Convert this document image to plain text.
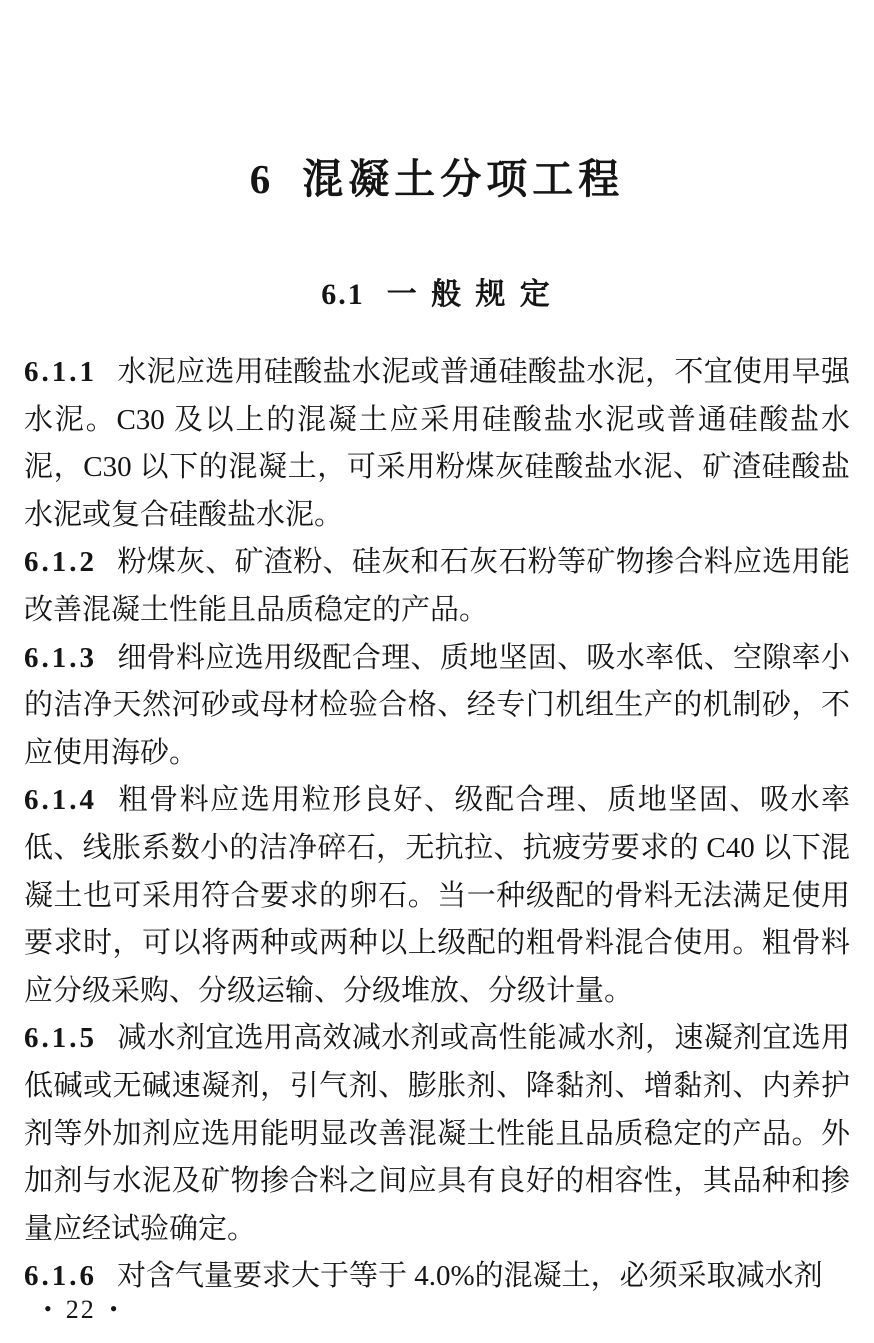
6 混凝土分项工程
6.1 一 般 规 定

6.1.1 水泥应选用硅酸盐水泥或普通硅酸盐水泥，不宜使用早强水泥。C30 及以上的混凝土应采用硅酸盐水泥或普通硅酸盐水泥，C30 以下的混凝土，可采用粉煤灰硅酸盐水泥、矿渣硅酸盐水泥或复合硅酸盐水泥。

6.1.2 粉煤灰、矿渣粉、硅灰和石灰石粉等矿物掺合料应选用能改善混凝土性能且品质稳定的产品。

6.1.3 细骨料应选用级配合理、质地坚固、吸水率低、空隙率小的洁净天然河砂或母材检验合格、经专门机组生产的机制砂，不应使用海砂。

6.1.4 粗骨料应选用粒形良好、级配合理、质地坚固、吸水率低、线胀系数小的洁净碎石，无抗拉、抗疲劳要求的 C40 以下混凝土也可采用符合要求的卵石。当一种级配的骨料无法满足使用要求时，可以将两种或两种以上级配的粗骨料混合使用。粗骨料应分级采购、分级运输、分级堆放、分级计量。

6.1.5 减水剂宜选用高效减水剂或高性能减水剂，速凝剂宜选用低碱或无碱速凝剂，引气剂、膨胀剂、降黏剂、增黏剂、内养护剂等外加剂应选用能明显改善混凝土性能且品质稳定的产品。外加剂与水泥及矿物掺合料之间应具有良好的相容性，其品种和掺量应经试验确定。

6.1.6 对含气量要求大于等于 4.0%的混凝土，必须采取减水剂

• 22 •
